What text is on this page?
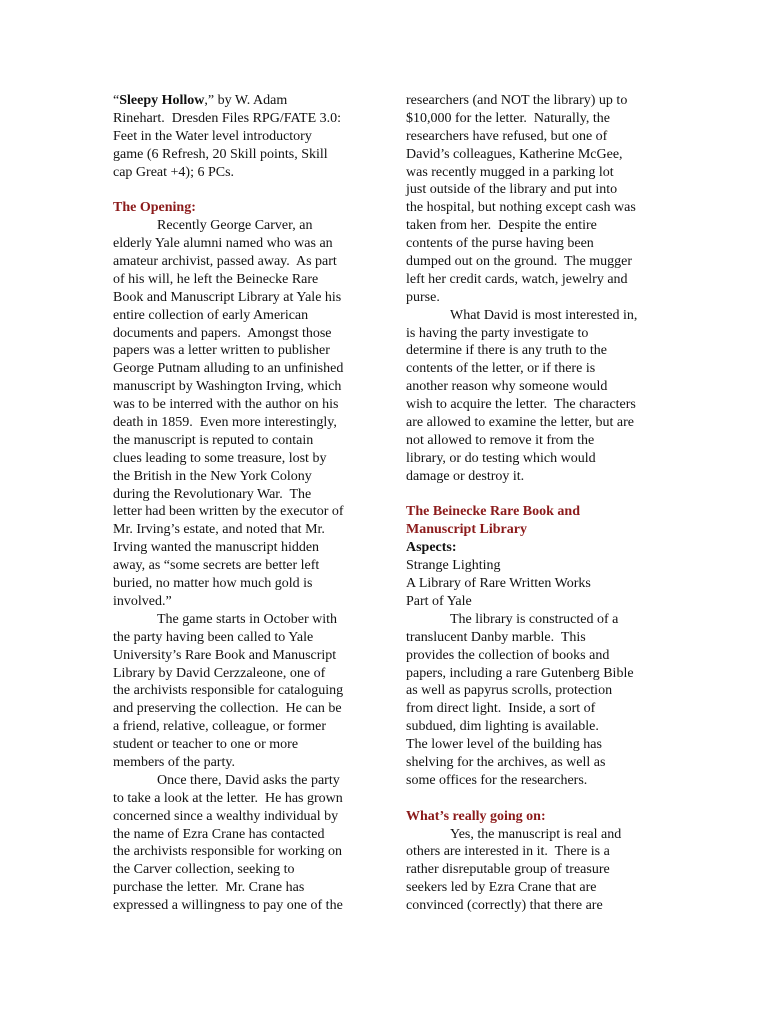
“Sleepy Hollow,” by W. Adam
Rinehart.  Dresden Files RPG/FATE 3.0:
Feet in the Water level introductory
game (6 Refresh, 20 Skill points, Skill
cap Great +4); 6 PCs.
The Opening:
Recently George Carver, an
elderly Yale alumni named who was an
amateur archivist, passed away.  As part
of his will, he left the Beinecke Rare
Book and Manuscript Library at Yale his
entire collection of early American
documents and papers.  Amongst those
papers was a letter written to publisher
George Putnam alluding to an unfinished
manuscript by Washington Irving, which
was to be interred with the author on his
death in 1859.  Even more interestingly,
the manuscript is reputed to contain
clues leading to some treasure, lost by
the British in the New York Colony
during the Revolutionary War.  The
letter had been written by the executor of
Mr. Irving’s estate, and noted that Mr.
Irving wanted the manuscript hidden
away, as “some secrets are better left
buried, no matter how much gold is
involved.”
The game starts in October with
the party having been called to Yale
University’s Rare Book and Manuscript
Library by David Cerzzaleone, one of
the archivists responsible for cataloguing
and preserving the collection.  He can be
a friend, relative, colleague, or former
student or teacher to one or more
members of the party.
Once there, David asks the party
to take a look at the letter.  He has grown
concerned since a wealthy individual by
the name of Ezra Crane has contacted
the archivists responsible for working on
the Carver collection, seeking to
purchase the letter.  Mr. Crane has
expressed a willingness to pay one of the
researchers (and NOT the library) up to
$10,000 for the letter.  Naturally, the
researchers have refused, but one of
David’s colleagues, Katherine McGee,
was recently mugged in a parking lot
just outside of the library and put into
the hospital, but nothing except cash was
taken from her.  Despite the entire
contents of the purse having been
dumped out on the ground.  The mugger
left her credit cards, watch, jewelry and
purse.
What David is most interested in,
is having the party investigate to
determine if there is any truth to the
contents of the letter, or if there is
another reason why someone would
wish to acquire the letter.  The characters
are allowed to examine the letter, but are
not allowed to remove it from the
library, or do testing which would
damage or destroy it.
The Beinecke Rare Book and
Manuscript Library
Aspects:
Strange Lighting
A Library of Rare Written Works
Part of Yale
The library is constructed of a
translucent Danby marble.  This
provides the collection of books and
papers, including a rare Gutenberg Bible
as well as papyrus scrolls, protection
from direct light.  Inside, a sort of
subdued, dim lighting is available.
The lower level of the building has
shelving for the archives, as well as
some offices for the researchers.
What’s really going on:
Yes, the manuscript is real and
others are interested in it.  There is a
rather disreputable group of treasure
seekers led by Ezra Crane that are
convinced (correctly) that there are
